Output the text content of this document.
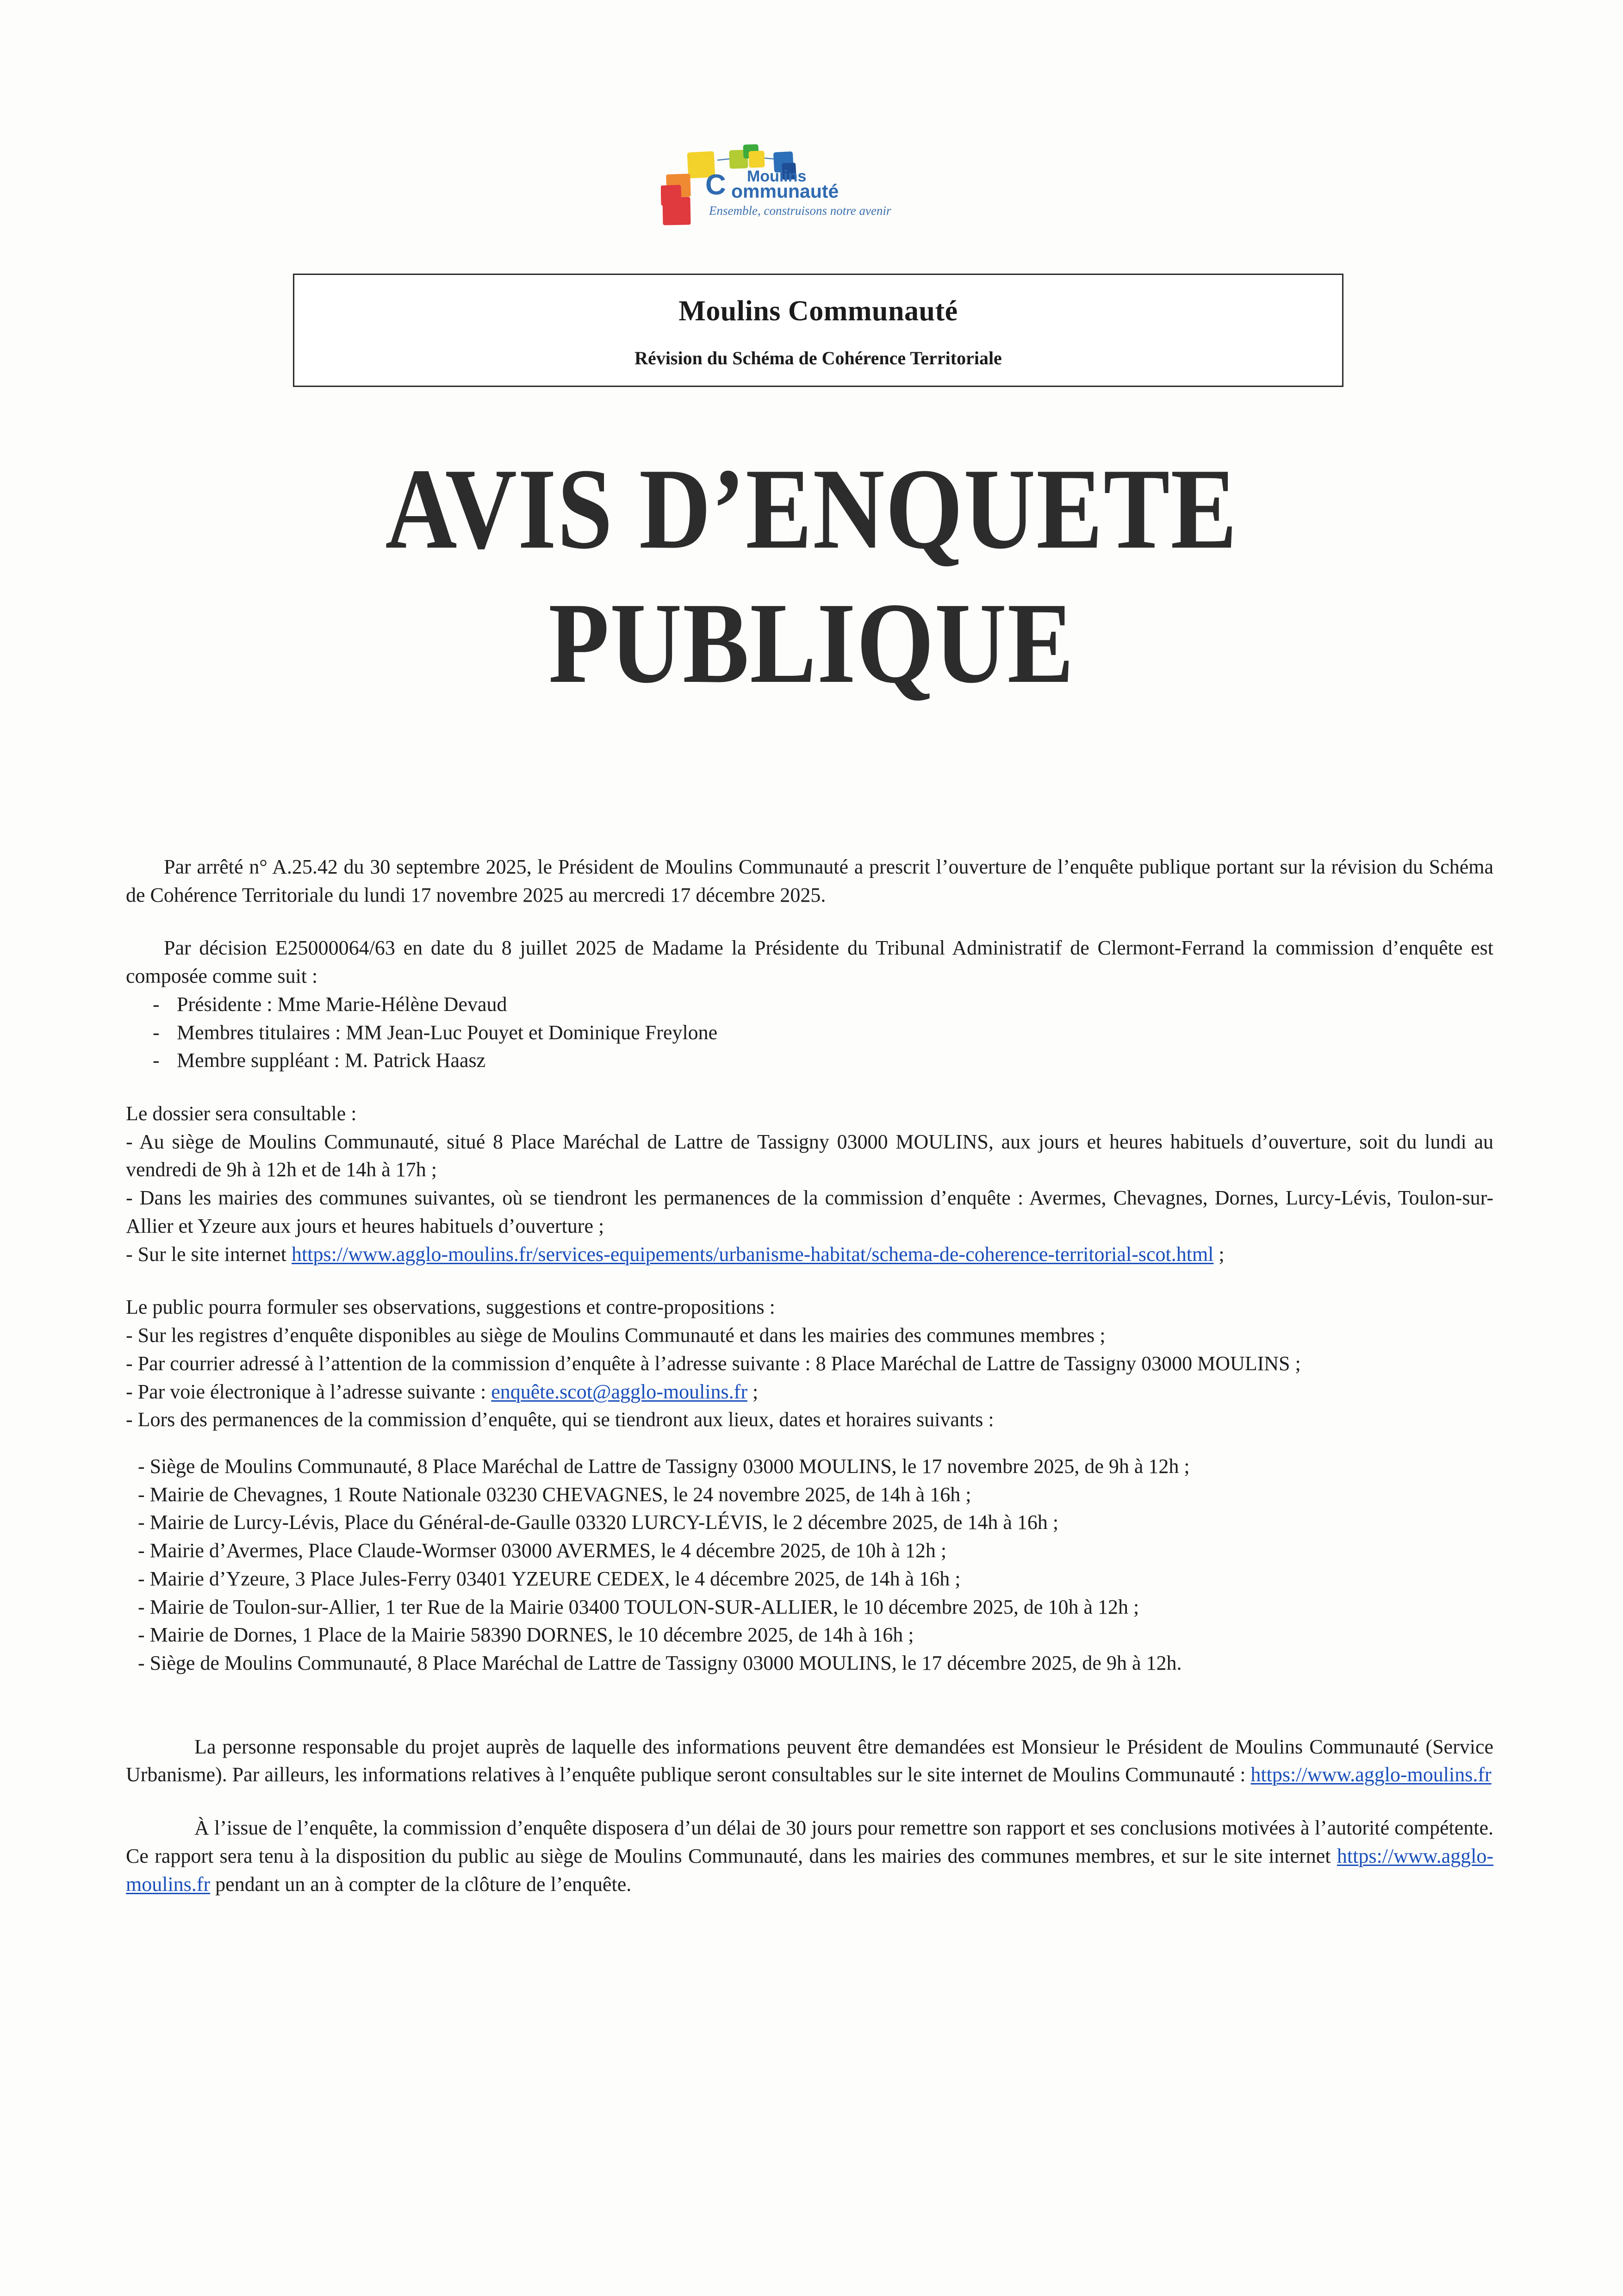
C Moulins
ommunauté
Ensemble, construisons notre avenir
Moulins Communauté
Révision du Schéma de Cohérence Territoriale
AVIS D’ENQUETE
PUBLIQUE

Par arrêté n° A.25.42 du 30 septembre 2025, le Président de Moulins Communauté a prescrit l’ouverture de l’enquête publique portant sur la révision du Schéma de Cohérence Territoriale du lundi 17 novembre 2025 au mercredi 17 décembre 2025.

Par décision E25000064/63 en date du 8 juillet 2025 de Madame la Présidente du Tribunal Administratif de Clermont-Ferrand la commission d’enquête est composée comme suit :

- Présidente : Mme Marie-Hélène Devaud
- Membres titulaires : MM Jean-Luc Pouyet et Dominique Freylone
- Membre suppléant : M. Patrick Haasz

Le dossier sera consultable :

- Au siège de Moulins Communauté, situé 8 Place Maréchal de Lattre de Tassigny 03000 MOULINS, aux jours et heures habituels d’ouverture, soit du lundi au vendredi de 9h à 12h et de 14h à 17h ;
- Dans les mairies des communes suivantes, où se tiendront les permanences de la commission d’enquête : Avermes, Chevagnes, Dornes, Lurcy-Lévis, Toulon-sur-Allier et Yzeure aux jours et heures habituels d’ouverture ;
- Sur le site internet https://www.agglo-moulins.fr/services-equipements/urbanisme-habitat/schema-de-coherence-territorial-scot.html ;

Le public pourra formuler ses observations, suggestions et contre-propositions :

- Sur les registres d’enquête disponibles au siège de Moulins Communauté et dans les mairies des communes membres ;
- Par courrier adressé à l’attention de la commission d’enquête à l’adresse suivante : 8 Place Maréchal de Lattre de Tassigny 03000 MOULINS ;
- Par voie électronique à l’adresse suivante : enquête.scot@agglo-moulins.fr ;
- Lors des permanences de la commission d’enquête, qui se tiendront aux lieux, dates et horaires suivants :
- Siège de Moulins Communauté, 8 Place Maréchal de Lattre de Tassigny 03000 MOULINS, le 17 novembre 2025, de 9h à 12h ;
- Mairie de Chevagnes, 1 Route Nationale 03230 CHEVAGNES, le 24 novembre 2025, de 14h à 16h ;
- Mairie de Lurcy-Lévis, Place du Général-de-Gaulle 03320 LURCY-LÉVIS, le 2 décembre 2025, de 14h à 16h ;
- Mairie d’Avermes, Place Claude-Wormser 03000 AVERMES, le 4 décembre 2025, de 10h à 12h ;
- Mairie d’Yzeure, 3 Place Jules-Ferry 03401 YZEURE CEDEX, le 4 décembre 2025, de 14h à 16h ;
- Mairie de Toulon-sur-Allier, 1 ter Rue de la Mairie 03400 TOULON-SUR-ALLIER, le 10 décembre 2025, de 10h à 12h ;
- Mairie de Dornes, 1 Place de la Mairie 58390 DORNES, le 10 décembre 2025, de 14h à 16h ;
- Siège de Moulins Communauté, 8 Place Maréchal de Lattre de Tassigny 03000 MOULINS, le 17 décembre 2025, de 9h à 12h.

La personne responsable du projet auprès de laquelle des informations peuvent être demandées est Monsieur le Président de Moulins Communauté (Service Urbanisme). Par ailleurs, les informations relatives à l’enquête publique seront consultables sur le site internet de Moulins Communauté : https://www.agglo-moulins.fr

À l’issue de l’enquête, la commission d’enquête disposera d’un délai de 30 jours pour remettre son rapport et ses conclusions motivées à l’autorité compétente. Ce rapport sera tenu à la disposition du public au siège de Moulins Communauté, dans les mairies des communes membres, et sur le site internet https://www.agglo-moulins.fr pendant un an à compter de la clôture de l’enquête.
